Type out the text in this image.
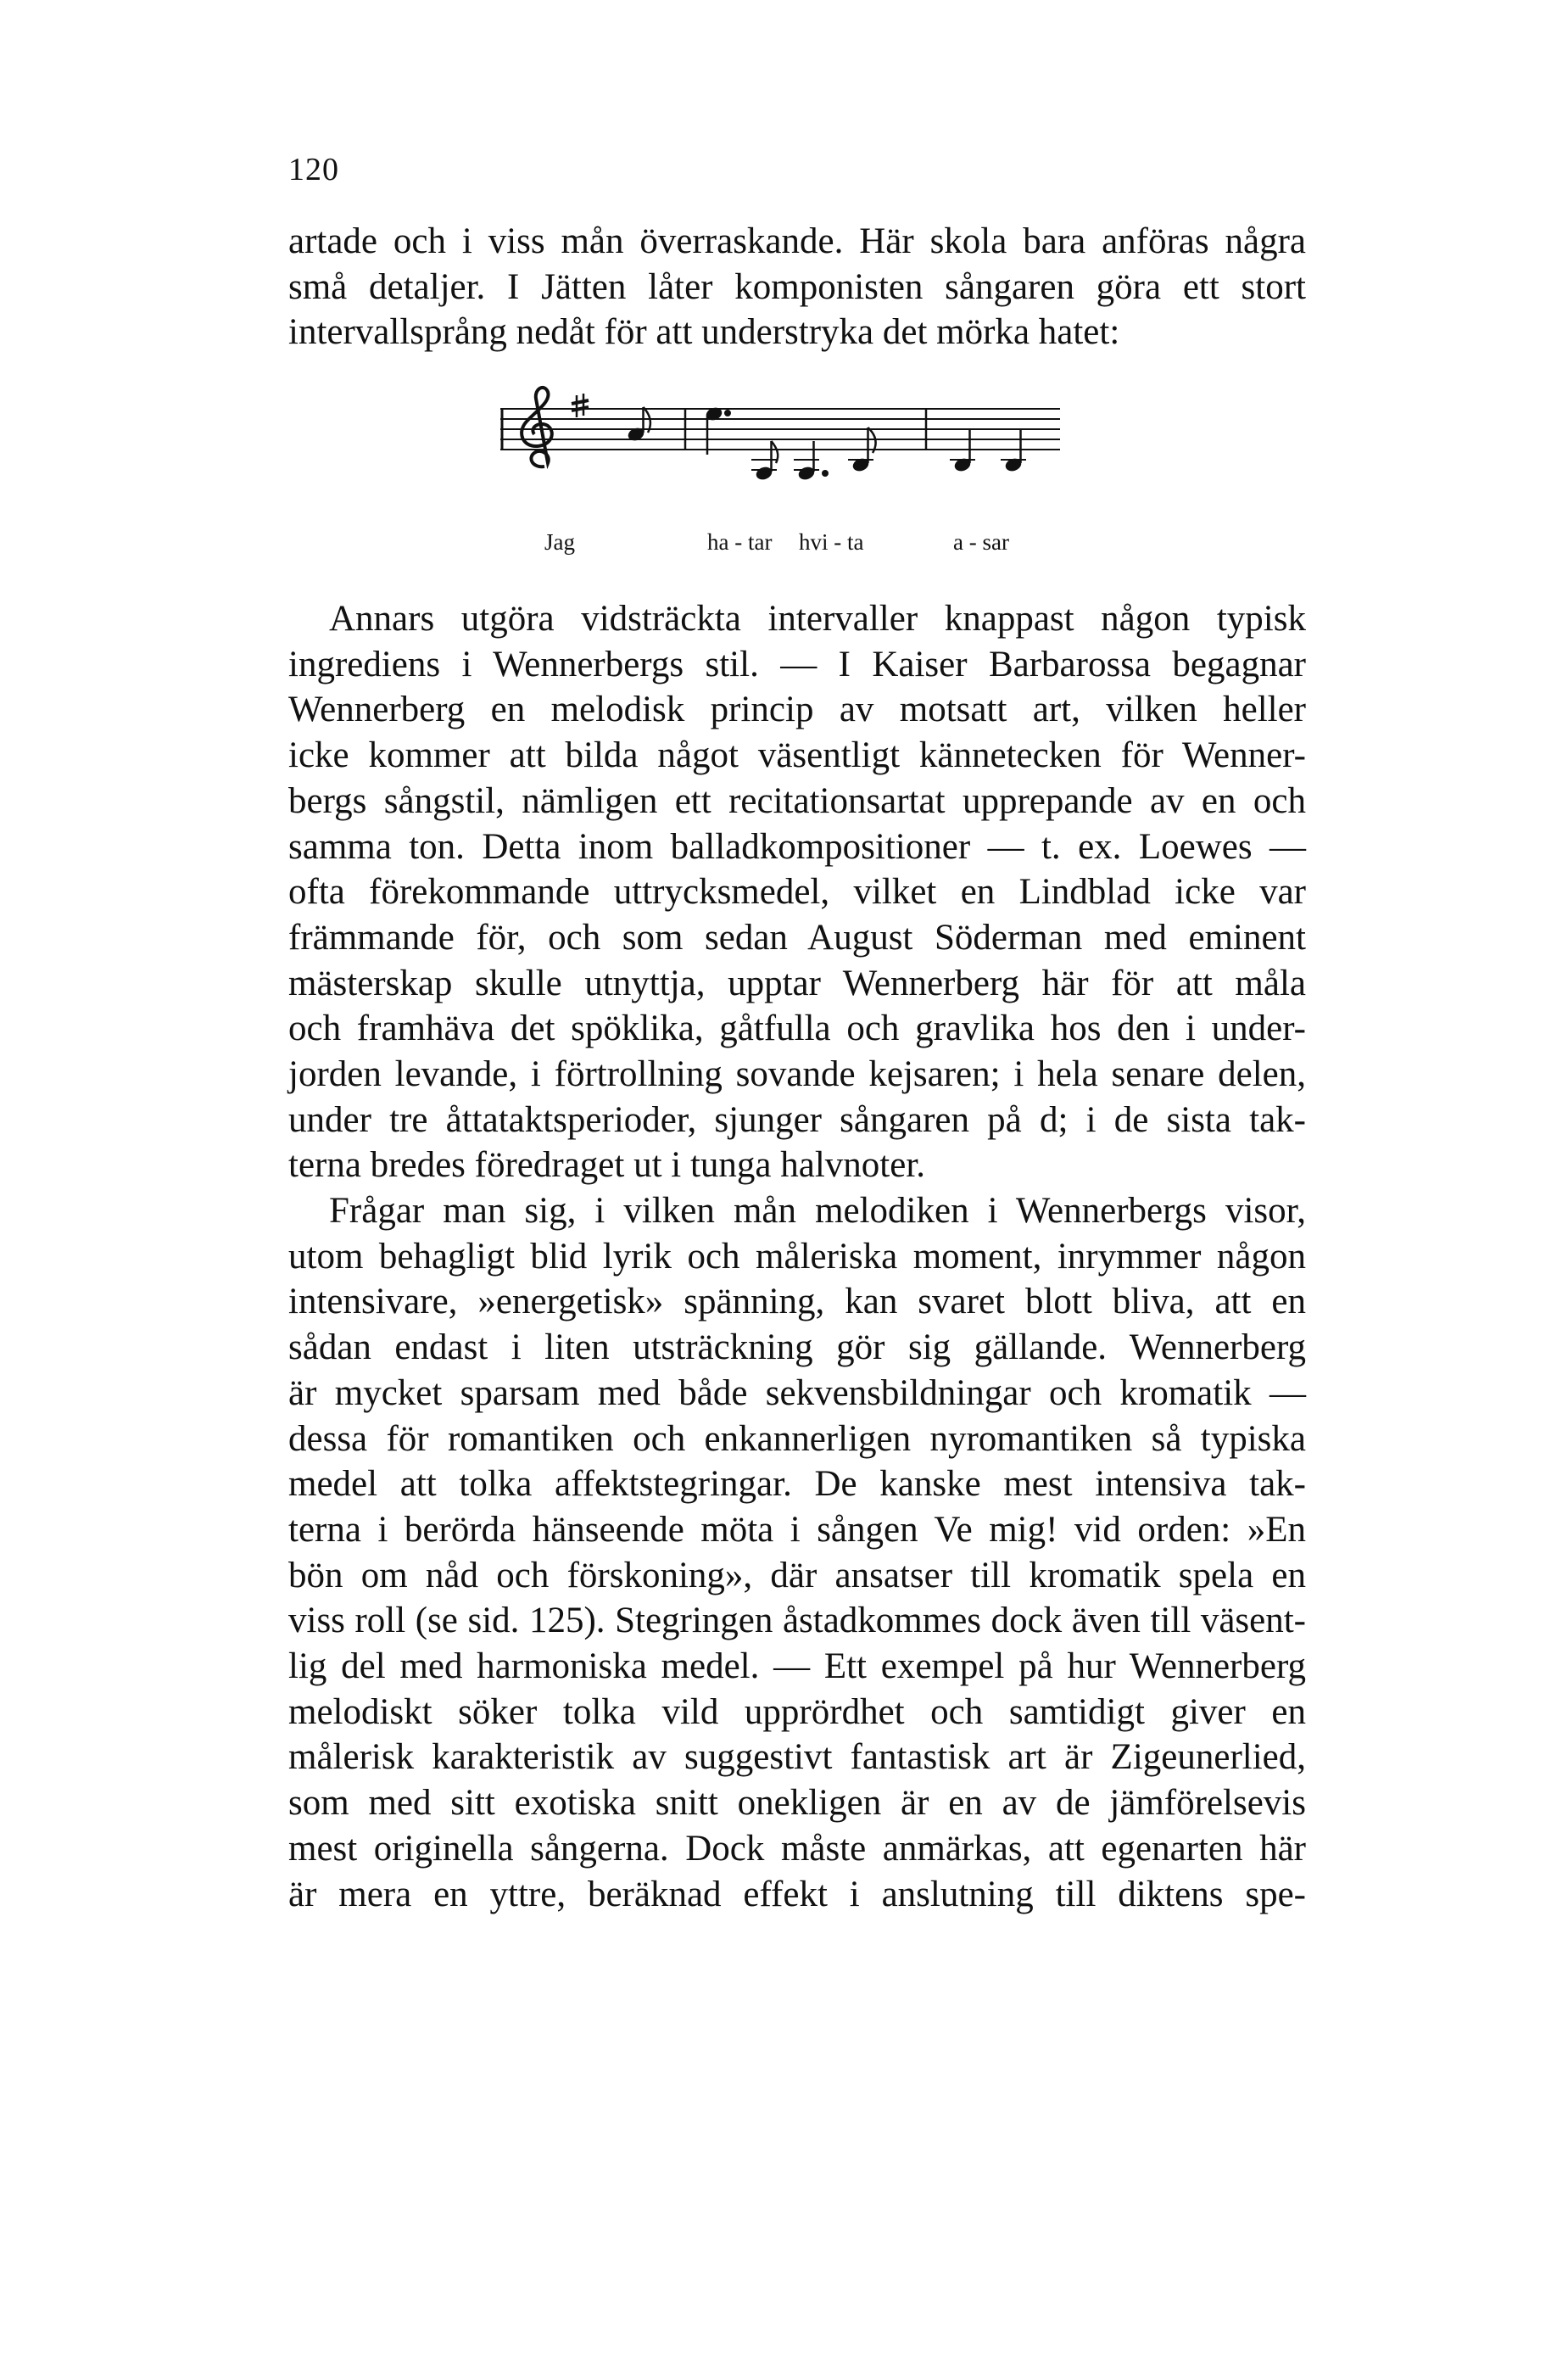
120
artade och i viss mån överraskande. Här skola bara anföras några
små detaljer. I Jätten låter komponisten sångaren göra ett stort
intervallsprång nedåt för att understryka det mörka hatet:
Jag	ha - tar hvi - ta	a - sar
Annars utgöra vidsträckta intervaller knappast någon typisk
ingrediens i Wennerbergs stil. — I Kaiser Barbarossa begagnar
Wennerberg en melodisk princip av motsatt art, vilken heller
icke kommer att bilda något väsentligt kännetecken för Wenner-
bergs sångstil, nämligen ett recitationsartat upprepande av en och
samma ton. Detta inom balladkompositioner — t. ex. Loewes —
ofta förekommande uttrycksmedel, vilket en Lindblad icke var
främmande för, och som sedan August Söderman med eminent
mästerskap skulle utnyttja, upptar Wennerberg här för att måla
och framhäva det spöklika, gåtfulla och gravlika hos den i under-
jorden levande, i förtrollning sovande kejsaren; i hela senare delen,
under tre åttataktsperioder, sjunger sångaren på d; i de sista tak-
terna bredes föredraget ut i tunga halvnoter.
Frågar man sig, i vilken mån melodiken i Wennerbergs visor,
utom behagligt blid lyrik och måleriska moment, inrymmer någon
intensivare, »energetisk» spänning, kan svaret blott bliva, att en
sådan endast i liten utsträckning gör sig gällande. Wennerberg
är mycket sparsam med både sekvensbildningar och kromatik —
dessa för romantiken och enkannerligen nyromantiken så typiska
medel att tolka affektstegringar. De kanske mest intensiva tak-
terna i berörda hänseende möta i sången Ve mig! vid orden: »En
bön om nåd och förskoning», där ansatser till kromatik spela en
viss roll (se sid. 125). Stegringen åstadkommes dock även till väsent-
lig del med harmoniska medel. — Ett exempel på hur Wennerberg
melodiskt söker tolka vild upprördhet och samtidigt giver en
målerisk karakteristik av suggestivt fantastisk art är Zigeunerlied,
som med sitt exotiska snitt onekligen är en av de jämförelsevis
mest originella sångerna. Dock måste anmärkas, att egenarten här
är mera en yttre, beräknad effekt i anslutning till diktens spe-
